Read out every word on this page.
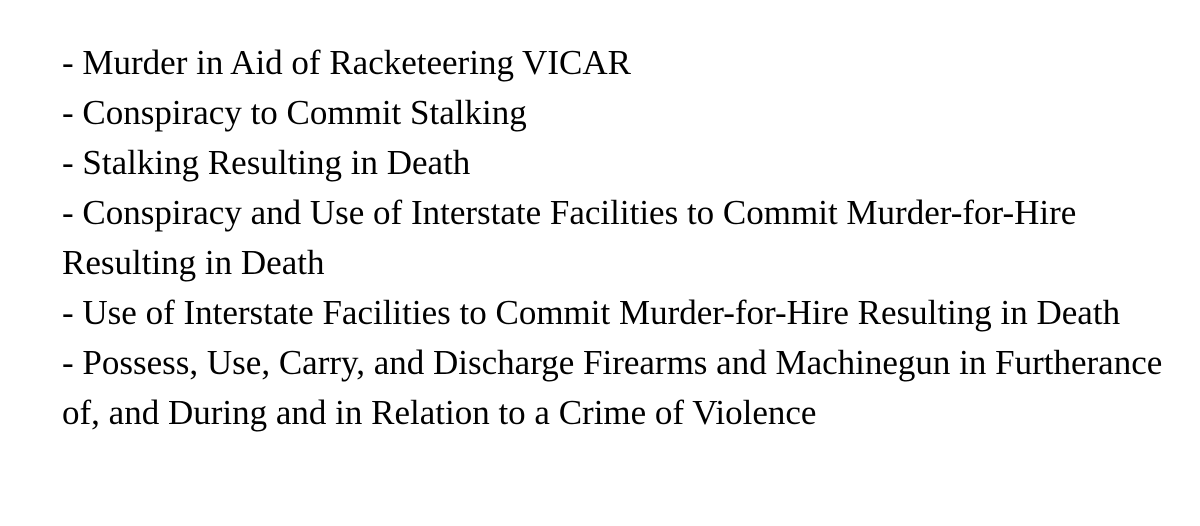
- Murder in Aid of Racketeering VICAR
- Conspiracy to Commit Stalking
- Stalking Resulting in Death
- Conspiracy and Use of Interstate Facilities to Commit Murder-for-Hire Resulting in Death
- Use of Interstate Facilities to Commit Murder-for-Hire Resulting in Death
- Possess, Use, Carry, and Discharge Firearms and Machinegun in Furtherance of, and During and in Relation to a Crime of Violence
